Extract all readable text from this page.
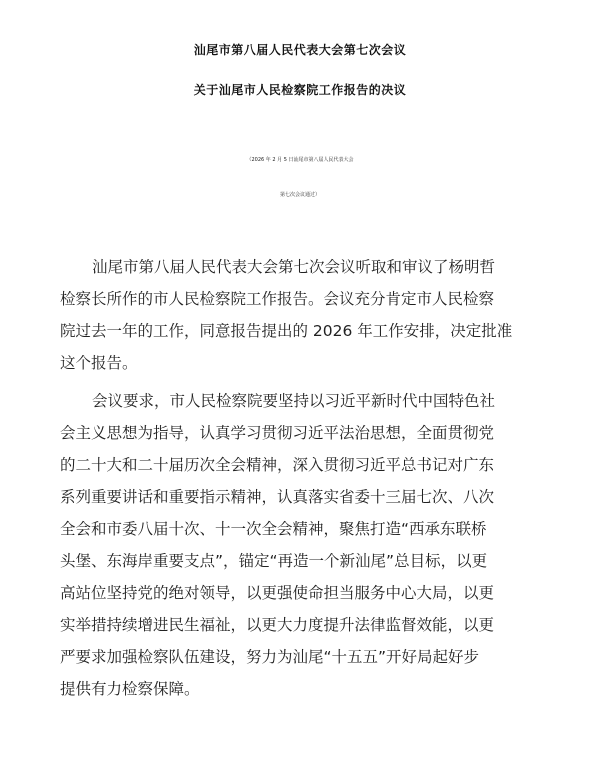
汕尾市第八届人民代表大会第七次会议
关于汕尾市人民检察院工作报告的决议
（2026 年 2 月 5 日汕尾市第八届人民代表大会
第七次会议通过）
汕尾市第八届人民代表大会第七次会议听取和审议了杨明哲
检察长所作的市人民检察院工作报告。会议充分肯定市人民检察
院过去一年的工作，同意报告提出的 2026 年工作安排，决定批准
这个报告。
会议要求，市人民检察院要坚持以习近平新时代中国特色社
会主义思想为指导，认真学习贯彻习近平法治思想，全面贯彻党
的二十大和二十届历次全会精神，深入贯彻习近平总书记对广东
系列重要讲话和重要指示精神，认真落实省委十三届七次、八次
全会和市委八届十次、十一次全会精神，聚焦打造“西承东联桥
头堡、东海岸重要支点”，锚定“再造一个新汕尾”总目标，以更
高站位坚持党的绝对领导，以更强使命担当服务中心大局，以更
实举措持续增进民生福祉，以更大力度提升法律监督效能，以更
严要求加强检察队伍建设，努力为汕尾“十五五”开好局起好步
提供有力检察保障。
